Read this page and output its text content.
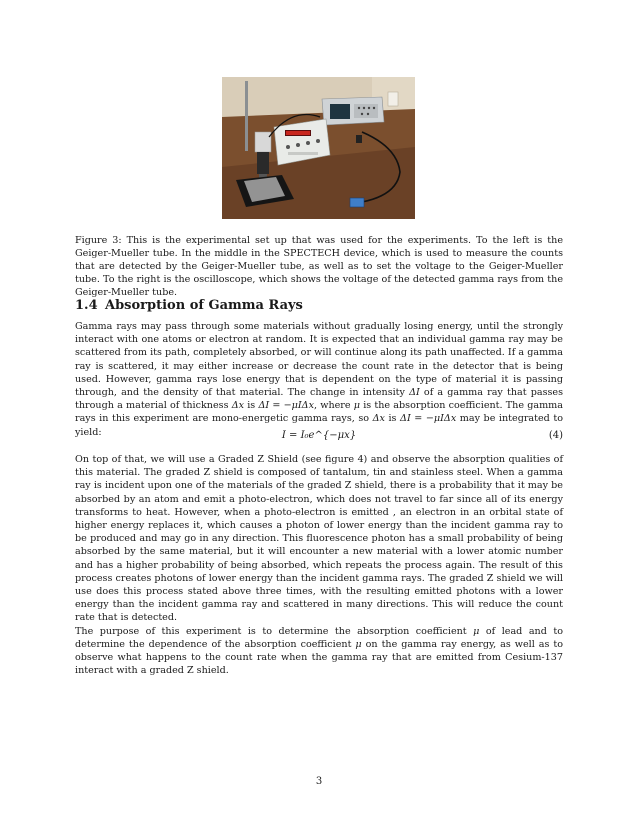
Figure 3: This is the experimental set up that was used for the experiments. To the left is the Geiger-Mueller tube. In the middle in the SPECTECH device, which is used to measure the counts that are detected by the Geiger-Mueller tube, as well as to set the voltage to the Geiger-Mueller tube. To the right is the oscilloscope, which shows the voltage of the detected gamma rays from the Geiger-Mueller tube.

1.4 Absorption of Gamma Rays

Gamma rays may pass through some materials without gradually losing energy, until the strongly interact with one atoms or electron at random. It is expected that an individual gamma ray may be scattered from its path, completely absorbed, or will continue along its path unaffected. If a gamma ray is scattered, it may either increase or decrease the count rate in the detector that is being used. However, gamma rays lose energy that is dependent on the type of material it is passing through, and the density of that material. The change in intensity ΔI of a gamma ray that passes through a material of thickness Δx is ΔI = −μIΔx, where μ is the absorption coefficient. The gamma rays in this experiment are mono-energetic gamma rays, so Δx is ΔI = −μIΔx may be integrated to yield:	I = I₀e^{−μx}	(4)
On top of that, we will use a Graded Z Shield (see figure 4) and observe the absorption qualities of this material. The graded Z shield is composed of tantalum, tin and stainless steel. When a gamma ray is incident upon one of the materials of the graded Z shield, there is a probability that it may be absorbed by an atom and emit a photo-electron, which does not travel to far since all of its energy transforms to heat. However, when a photo-electron is emitted , an electron in an orbital state of higher energy replaces it, which causes a photon of lower energy than the incident gamma ray to be produced and may go in any direction. This fluorescence photon has a small probability of being absorbed by the same material, but it will encounter a new material with a lower atomic number and has a higher probability of being absorbed, which repeats the process again. The result of this process creates photons of lower energy than the incident gamma rays. The graded Z shield we will use does this process stated above three times, with the resulting emitted photons with a lower energy than the incident gamma ray and scattered in many directions. This will reduce the count rate that is detected.
The purpose of this experiment is to determine the absorption coefficient μ of lead and to determine the dependence of the absorption coefficient μ on the gamma ray energy, as well as to observe what happens to the count rate when the gamma ray that are emitted from Cesium-137 interact with a graded Z shield.
3
